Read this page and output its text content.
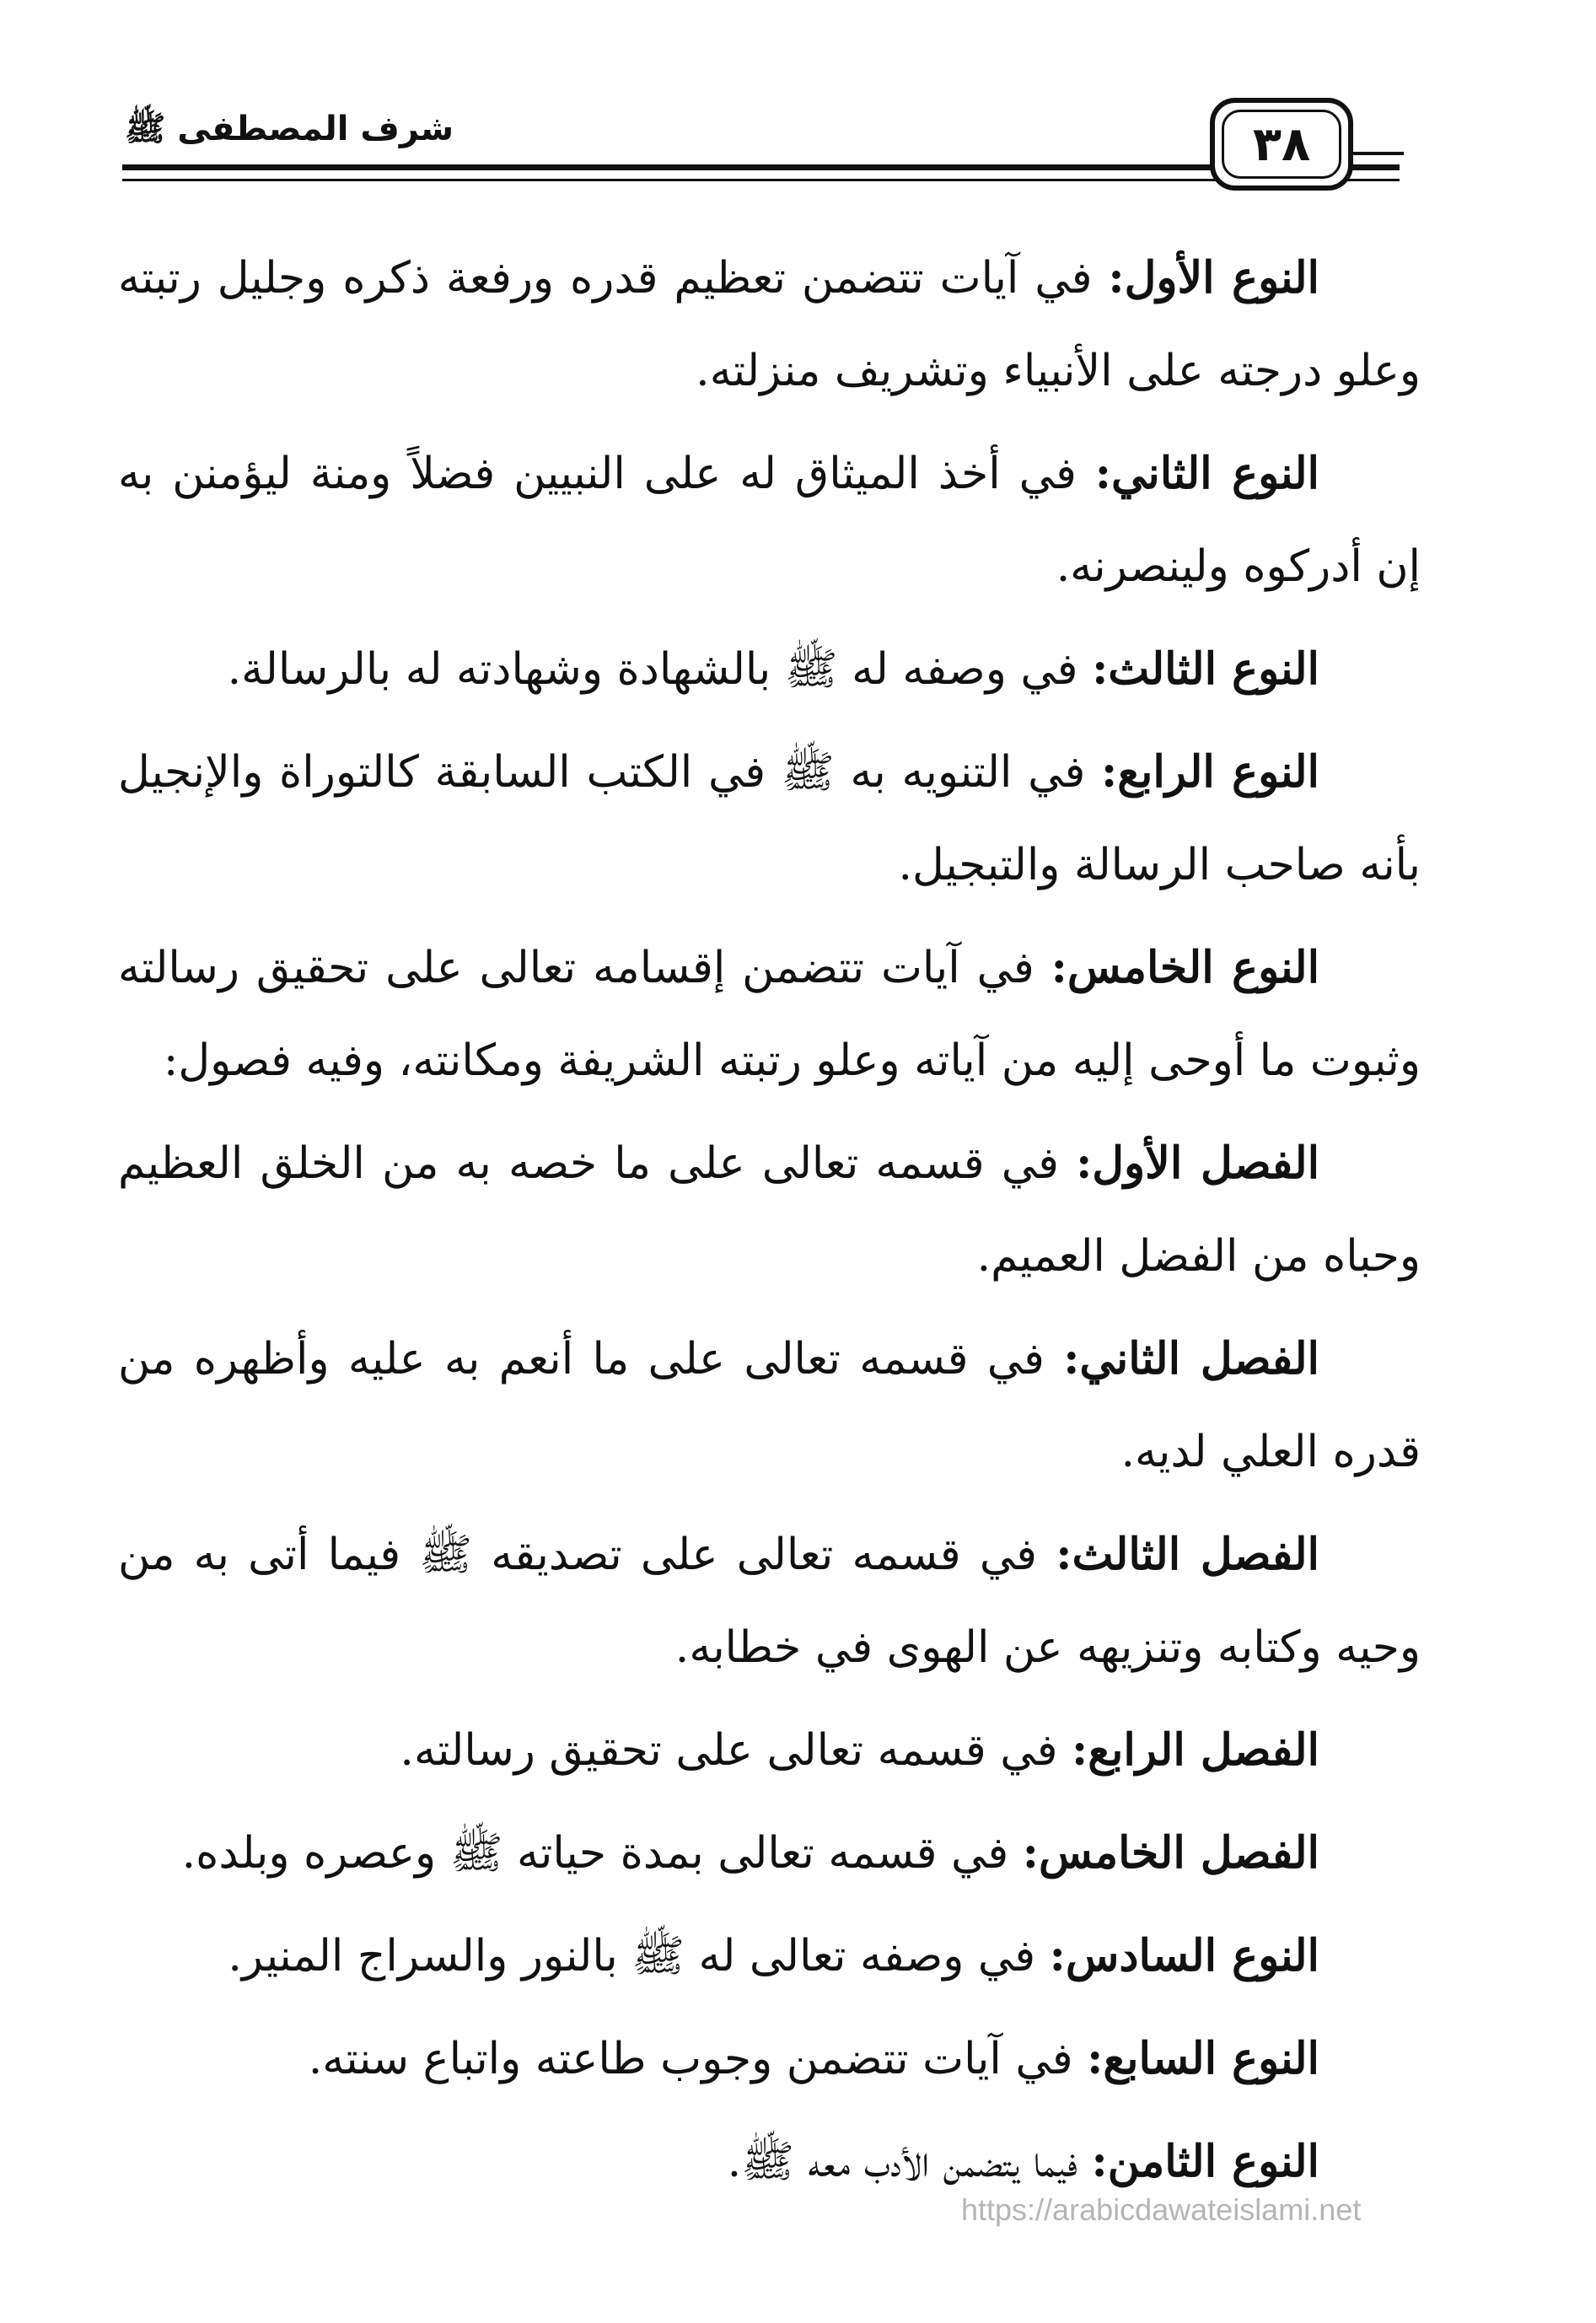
شرف المصطفى ﷺ	٣٨

النوع الأول: في آيات تتضمن تعظيم قدره ورفعة ذكره وجليل رتبته وعلو درجته على الأنبياء وتشريف منزلته.

النوع الثاني: في أخذ الميثاق له على النبيين فضلاً ومنة ليؤمنن به إن أدركوه ولينصرنه.

النوع الثالث: في وصفه له ﷺ بالشهادة وشهادته له بالرسالة.

النوع الرابع: في التنويه به ﷺ في الكتب السابقة كالتوراة والإنجيل بأنه صاحب الرسالة والتبجيل.

النوع الخامس: في آيات تتضمن إقسامه تعالى على تحقيق رسالته وثبوت ما أوحى إليه من آياته وعلو رتبته الشريفة ومكانته، وفيه فصول:

الفصل الأول: في قسمه تعالى على ما خصه به من الخلق العظيم وحباه من الفضل العميم.

الفصل الثاني: في قسمه تعالى على ما أنعم به عليه وأظهره من قدره العلي لديه.

الفصل الثالث: في قسمه تعالى على تصديقه ﷺ فيما أتى به من وحيه وكتابه وتنزيهه عن الهوى في خطابه.

الفصل الرابع: في قسمه تعالى على تحقيق رسالته.

الفصل الخامس: في قسمه تعالى بمدة حياته ﷺ وعصره وبلده.

النوع السادس: في وصفه تعالى له ﷺ بالنور والسراج المنير.

النوع السابع: في آيات تتضمن وجوب طاعته واتباع سنته.

النوع الثامن: فيما يتضمن الأدب معه ﷺ.

https://arabicdawateislami.net
